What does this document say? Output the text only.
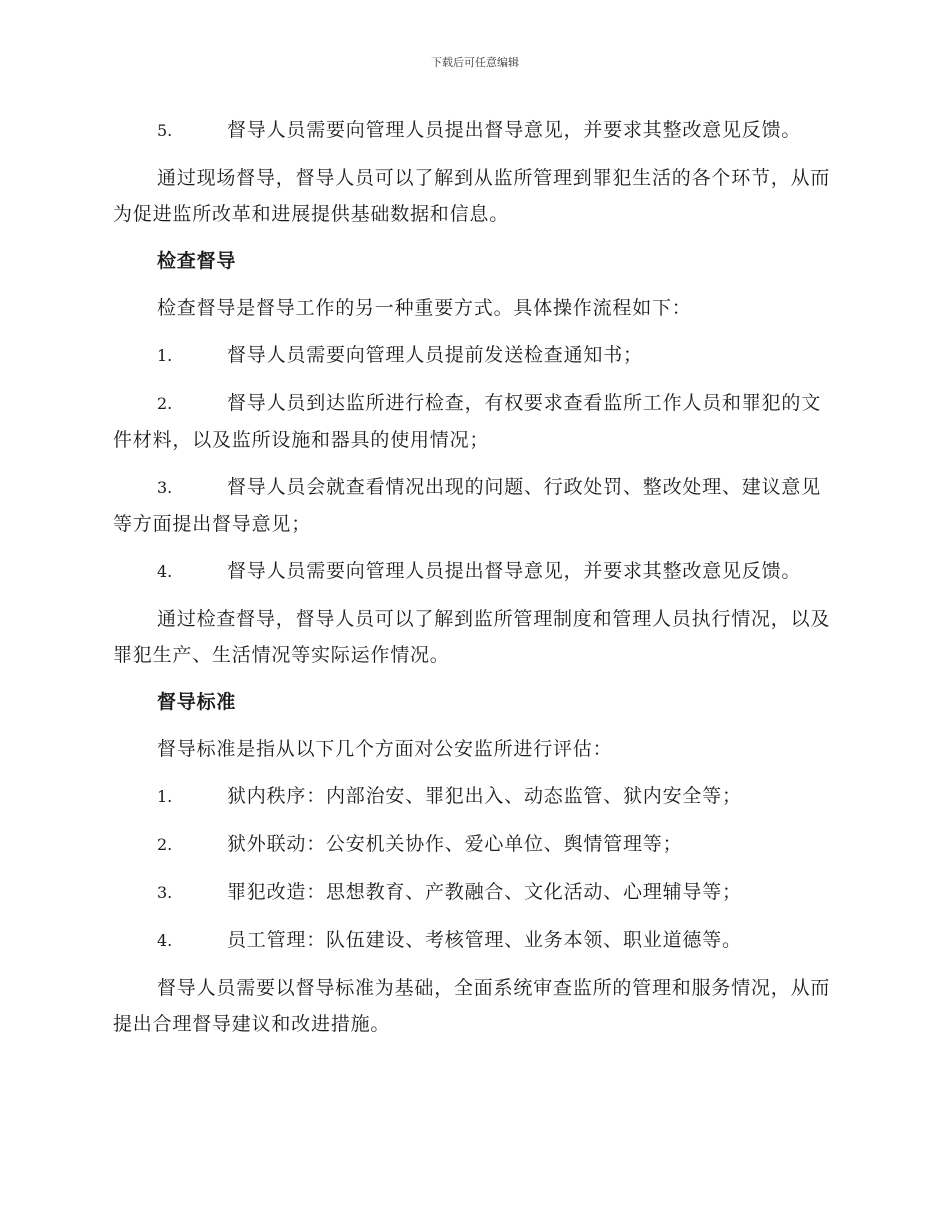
下载后可任意编辑

5.	督导人员需要向管理人员提出督导意见，并要求其整改意见反馈。

通过现场督导，督导人员可以了解到从监所管理到罪犯生活的各个环节，从而为促进监所改革和进展提供基础数据和信息。

检查督导

检查督导是督导工作的另一种重要方式。具体操作流程如下：

1.	督导人员需要向管理人员提前发送检查通知书；

2.	督导人员到达监所进行检查，有权要求查看监所工作人员和罪犯的文件材料，以及监所设施和器具的使用情况；

3.	督导人员会就查看情况出现的问题、行政处罚、整改处理、建议意见等方面提出督导意见；

4.	督导人员需要向管理人员提出督导意见，并要求其整改意见反馈。

通过检查督导，督导人员可以了解到监所管理制度和管理人员执行情况，以及罪犯生产、生活情况等实际运作情况。

督导标准

督导标准是指从以下几个方面对公安监所进行评估：

1.	狱内秩序：内部治安、罪犯出入、动态监管、狱内安全等；

2.	狱外联动：公安机关协作、爱心单位、舆情管理等；

3.	罪犯改造：思想教育、产教融合、文化活动、心理辅导等；

4.	员工管理：队伍建设、考核管理、业务本领、职业道德等。

督导人员需要以督导标准为基础，全面系统审查监所的管理和服务情况，从而提出合理督导建议和改进措施。
